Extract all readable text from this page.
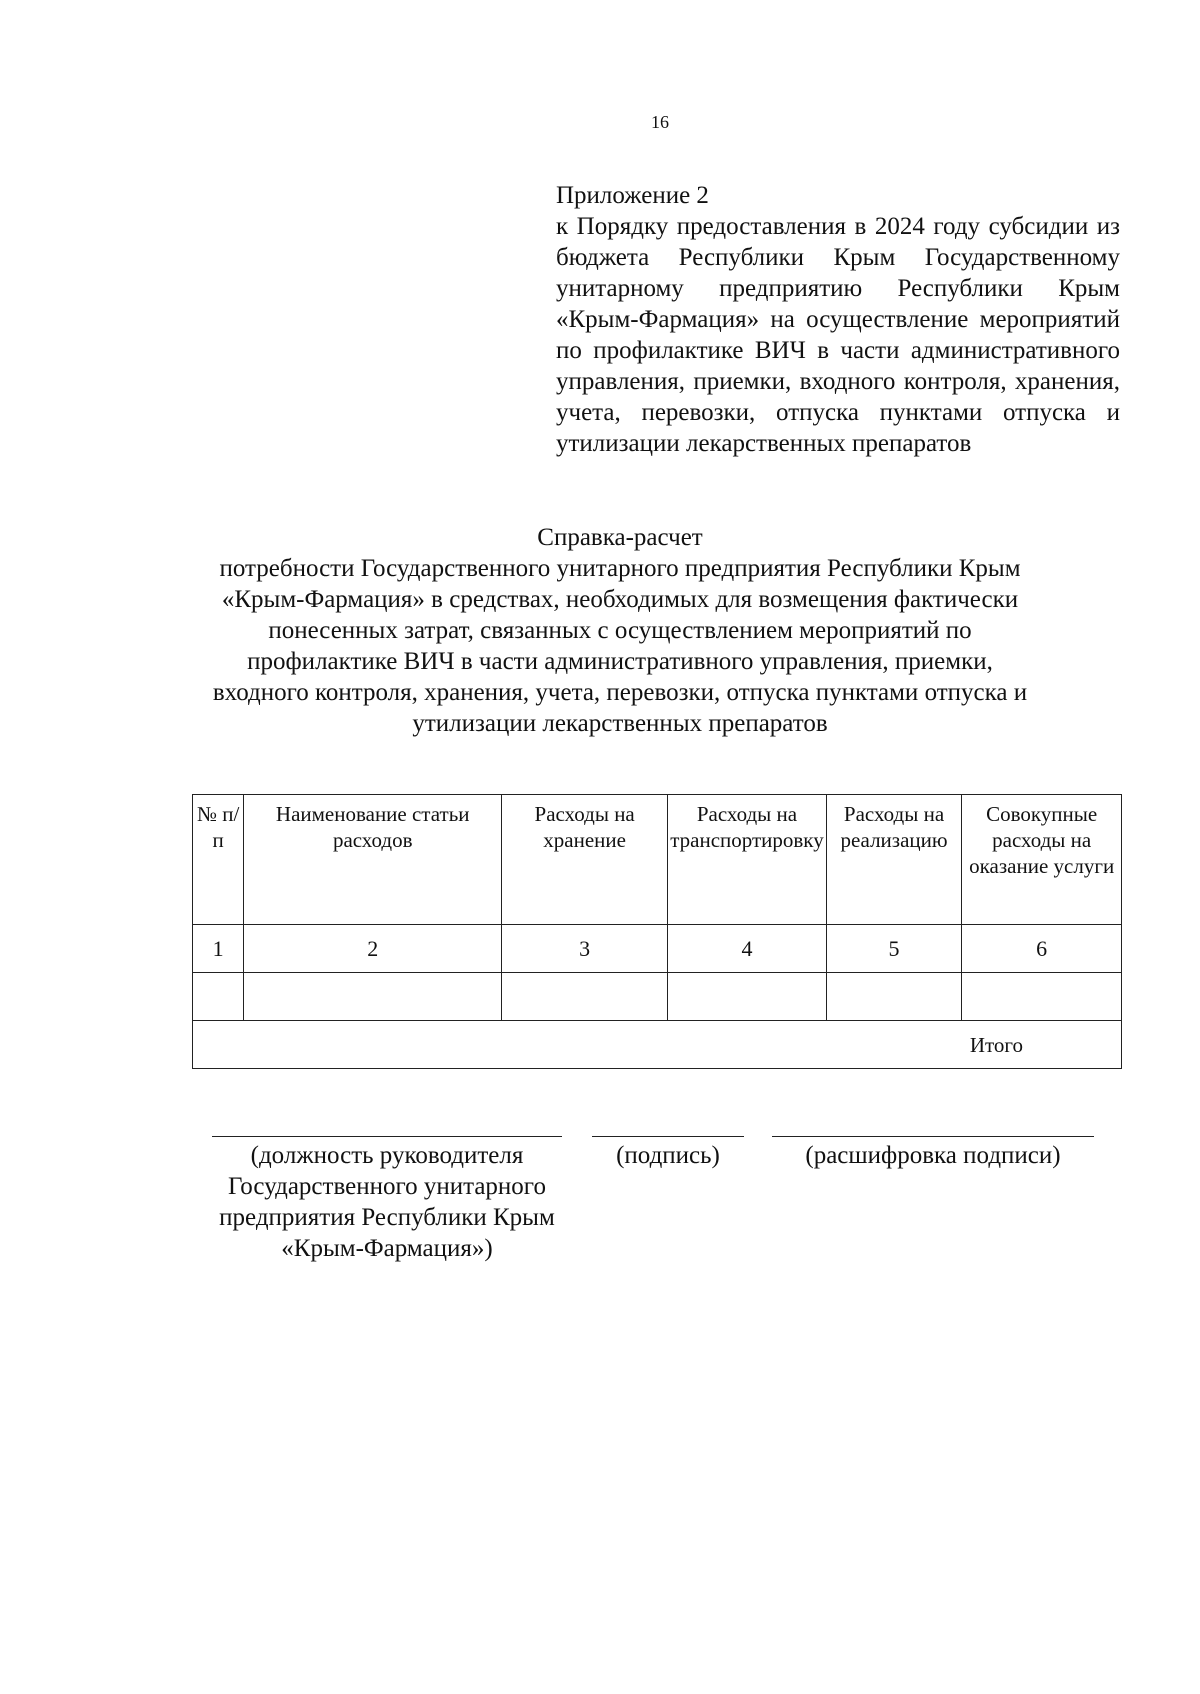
16
Приложение 2
к Порядку предоставления в 2024 году субсидии из бюджета Республики Крым Государственному унитарному предприятию Республики Крым «Крым-Фармация» на осуществление мероприятий по профилактике ВИЧ в части административного управления, приемки, входного контроля, хранения, учета, перевозки, отпуска пунктами отпуска и утилизации лекарственных препаратов
Справка-расчет
потребности Государственного унитарного предприятия Республики Крым
«Крым-Фармация» в средствах, необходимых для возмещения фактически
понесенных затрат, связанных с осуществлением мероприятий по
профилактике ВИЧ в части административного управления, приемки,
входного контроля, хранения, учета, перевозки, отпуска пунктами отпуска и
утилизации лекарственных препаратов
№ п/п	Наименование статьи расходов	Расходы на хранение	Расходы на транспортировку	Расходы на реализацию	Совокупные расходы на оказание услуги
1	2	3	4	5	6

Итого					
(должность руководителя
Государственного унитарного
предприятия Республики Крым
«Крым-Фармация»)
(подпись)	(расшифровка подписи)
